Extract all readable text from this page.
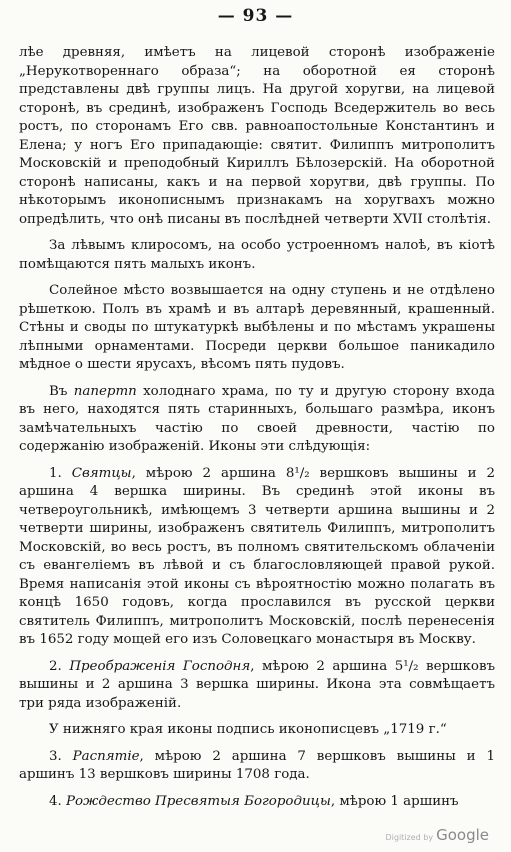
— 93 —

лѣе древняя, имѣетъ на лицевой сторонѣ изображеніе „Нерукотвореннаго образа“; на оборотной ея сторонѣ представлены двѣ группы лицъ. На другой хоругви, на лицевой сторонѣ, въ срединѣ, изображенъ Господь Вседержитель во весь ростъ, по сторонамъ Его свв. равноапостольные Константинъ и Елена; у ногъ Его припадающіе: святит. Филиппъ митрополитъ Московскій и преподобный Кириллъ Бѣлозерскій. На оборотной сторонѣ написаны, какъ и на первой хоругви, двѣ группы. По нѣкоторымъ иконописнымъ признакамъ на хоругвахъ можно опредѣлить, что онѣ писаны въ послѣдней четверти XVII столѣтія.

За лѣвымъ клиросомъ, на особо устроенномъ налоѣ, въ кіотѣ помѣщаются пять малыхъ иконъ.

Солейное мѣсто возвышается на одну ступень и не отдѣлено рѣшеткою. Полъ въ храмѣ и въ алтарѣ деревянный, крашенный. Стѣны и своды по штукатуркѣ выбѣлены и по мѣстамъ украшены лѣпными орнаментами. Посреди церкви большое паникадило мѣдное о шести ярусахъ, вѣсомъ пять пудовъ.

Въ папертп холоднаго храма, по ту и другую сторону входа въ него, находятся пять старинныхъ, большаго размѣра, иконъ замѣчательныхъ частію по своей древности, частію по содержанію изображеній. Иконы эти слѣдующія:

1. Святцы, мѣрою 2 аршина 8¹/₂ вершковъ вышины и 2 аршина 4 вершка ширины. Въ срединѣ этой иконы въ четвероугольникѣ, имѣющемъ 3 четверти аршина вышины и 2 четверти ширины, изображенъ святитель Филиппъ, митрополитъ Московскій, во весь ростъ, въ полномъ святительскомъ облаченіи съ евангеліемъ въ лѣвой и съ благословляющей правой рукой. Время написанія этой иконы съ вѣроятностію можно полагать въ концѣ 1650 годовъ, когда прославился въ русской церкви святитель Филиппъ, митрополитъ Московскій, послѣ перенесенія въ 1652 году мощей его изъ Соловецкаго монастыря въ Москву.

2. Преображенія Господня, мѣрою 2 аршина 5¹/₂ вершковъ вышины и 2 аршина 3 вершка ширины. Икона эта совмѣщаетъ три ряда изображеній.

У нижняго края иконы подпись иконописцевъ „1719 г.“

3. Распятіе, мѣрою 2 аршина 7 вершковъ вышины и 1 аршинъ 13 вершковъ ширины 1708 года.

4. Рождество Пресвятыя Богородицы, мѣрою 1 аршинъ

Digitized by Google
